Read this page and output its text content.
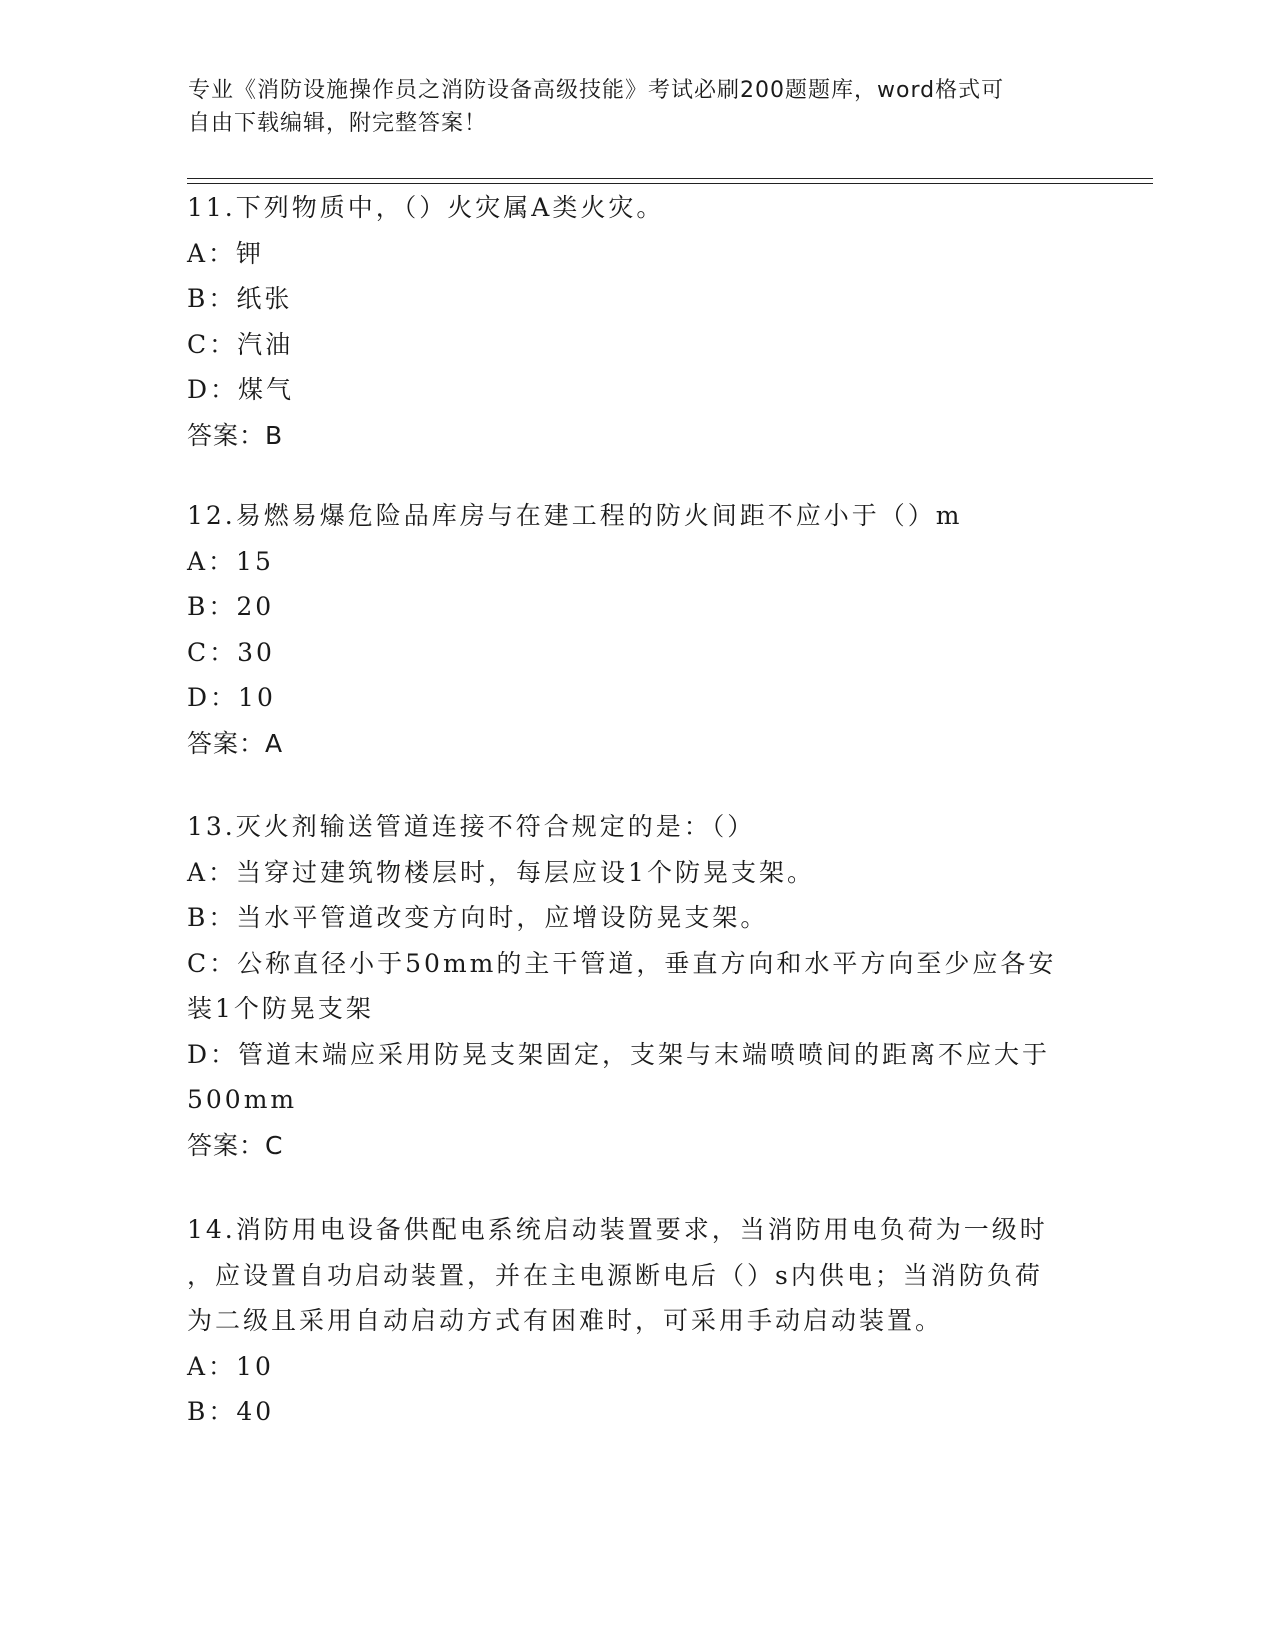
专业《消防设施操作员之消防设备高级技能》考试必刷200题题库，word格式可
自由下载编辑，附完整答案！
11.下列物质中，（）火灾属A类火灾。
A：钾
B：纸张
C：汽油
D：煤气
答案：B
12.易燃易爆危险品库房与在建工程的防火间距不应小于（）m
A：15
B：20
C：30
D：10
答案：A
13.灭火剂输送管道连接不符合规定的是：（）
A：当穿过建筑物楼层时，每层应设1个防晃支架。
B：当水平管道改变方向时，应增设防晃支架。
C：公称直径小于50mm的主干管道，垂直方向和水平方向至少应各安
装1个防晃支架
D：管道末端应采用防晃支架固定，支架与末端喷喷间的距离不应大于
500mm
答案：C
14.消防用电设备供配电系统启动装置要求，当消防用电负荷为一级时
，应设置自功启动装置，并在主电源断电后（）s内供电；当消防负荷
为二级且采用自动启动方式有困难时，可采用手动启动装置。
A：10
B：40
